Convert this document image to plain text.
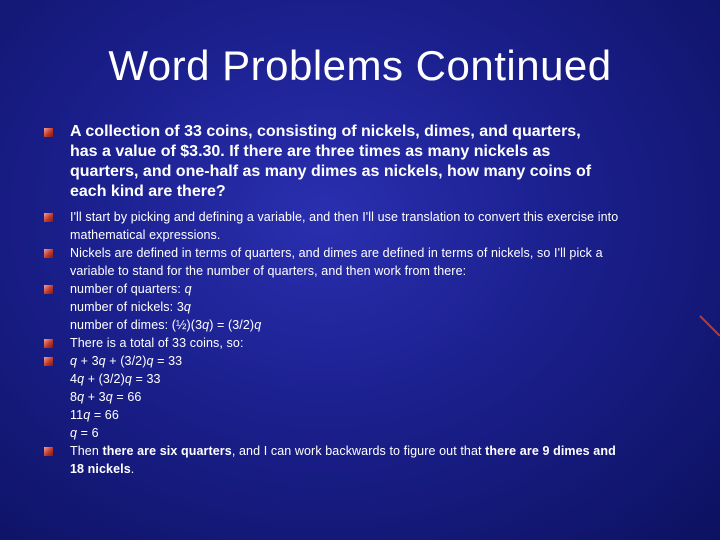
Word Problems Continued
A collection of 33 coins, consisting of nickels, dimes, and quarters,
has a value of $3.30. If there are three times as many nickels as
quarters, and one-half as many dimes as nickels, how many coins of
each kind are there?
I'll start by picking and defining a variable, and then I'll use translation to convert this exercise into
mathematical expressions.
Nickels are defined in terms of quarters, and dimes are defined in terms of nickels, so I'll pick a
variable to stand for the number of quarters, and then work from there:
number of quarters: q
number of nickels: 3q
number of dimes: (½)(3q) = (3/2)q
There is a total of 33 coins, so:
q + 3q + (3/2)q = 33
4q + (3/2)q = 33
8q + 3q = 66
11q = 66
q = 6
Then there are six quarters, and I can work backwards to figure out that there are 9 dimes and
18 nickels.
